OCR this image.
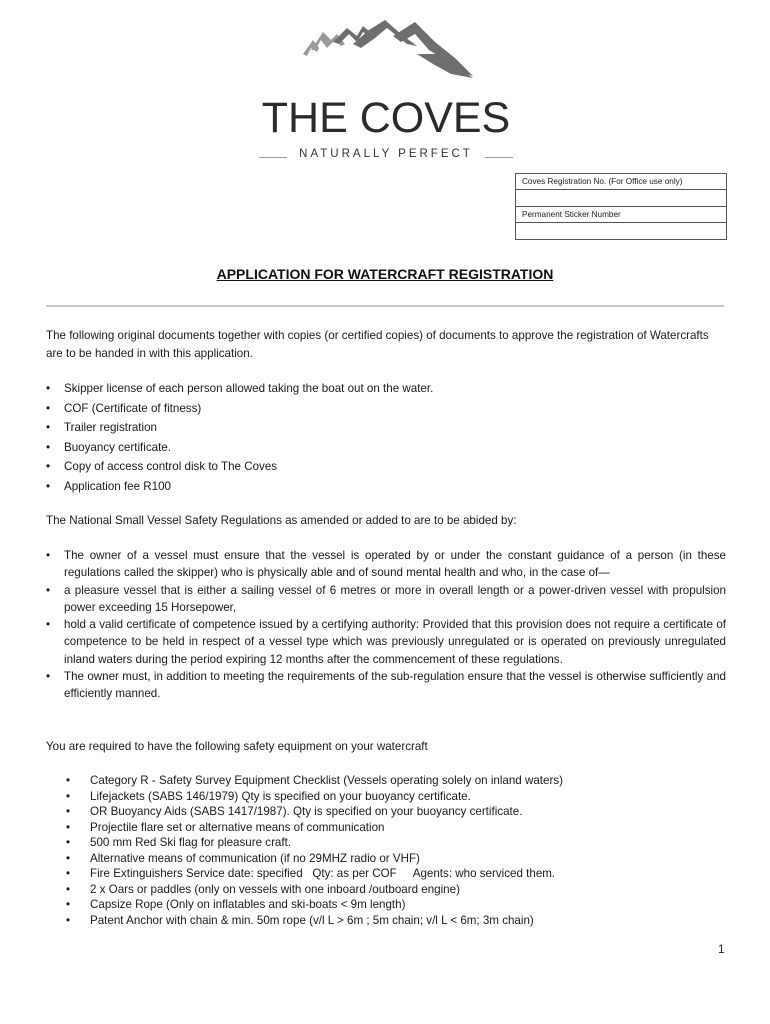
THE COVES
NATURALLY PERFECT
Coves Registration No. (For Office use only)

Permanent Sticker Number

APPLICATION FOR WATERCRAFT REGISTRATION
The following original documents together with copies (or certified copies) of documents to approve the registration of Watercrafts are to be handed in with this application.
• Skipper license of each person allowed taking the boat out on the water.
• COF (Certificate of fitness)
• Trailer registration
• Buoyancy certificate.
• Copy of access control disk to The Coves
• Application fee R100
The National Small Vessel Safety Regulations as amended or added to are to be abided by:
• The owner of a vessel must ensure that the vessel is operated by or under the constant guidance of a person (in these regulations called the skipper) who is physically able and of sound mental health and who, in the case of—
• a pleasure vessel that is either a sailing vessel of 6 metres or more in overall length or a power-driven vessel with propulsion power exceeding 15 Horsepower,
• hold a valid certificate of competence issued by a certifying authority: Provided that this provision does not require a certificate of competence to be held in respect of a vessel type which was previously unregulated or is operated on previously unregulated inland waters during the period expiring 12 months after the commencement of these regulations.
• The owner must, in addition to meeting the requirements of the sub-regulation ensure that the vessel is otherwise sufficiently and efficiently manned.
You are required to have the following safety equipment on your watercraft
• Category R - Safety Survey Equipment Checklist (Vessels operating solely on inland waters)
• Lifejackets (SABS 146/1979) Qty is specified on your buoyancy certificate.
• OR Buoyancy Aids (SABS 1417/1987). Qty is specified on your buoyancy certificate.
• Projectile flare set or alternative means of communication
• 500 mm Red Ski flag for pleasure craft.
• Alternative means of communication (if no 29MHZ radio or VHF)
• Fire Extinguishers Service date: specified Qty: as per COF Agents: who serviced them.
• 2 x Oars or paddles (only on vessels with one inboard /outboard engine)
• Capsize Rope (Only on inflatables and ski-boats < 9m length)
• Patent Anchor with chain & min. 50m rope (v/l L > 6m ; 5m chain; v/l L < 6m; 3m chain)
1
